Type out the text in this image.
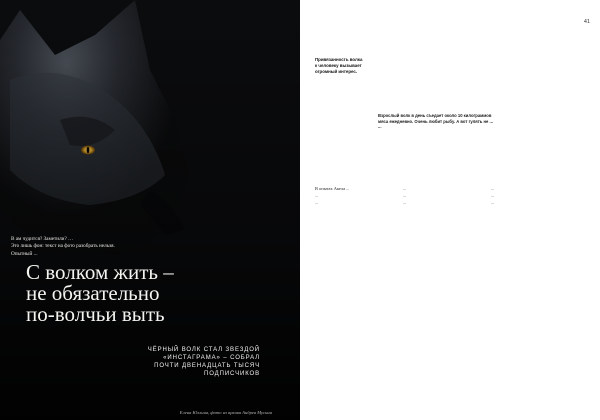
В ам чудится? Заметили? …

Это лишь фон: текст на фото разобрать нельзя.

Опытный ...

С волком жить –
не обязательно
по-волчьи выть
ЧЁРНЫЙ ВОЛК СТАЛ ЗВЕЗДОЙ
«ИНСТАГРАМА» – СОБРАЛ
ПОЧТИ ДВЕНАДЦАТЬ ТЫСЯЧ
ПОДПИСЧИКОВ
Елена Юхлина, фото из архива Андрея Мусина
41
Привязанность волка
к человеку вызывает
огромный интерес.
Взрослый волк в день съедает около 10 килограммов
мяса ежедневно. Очень любит рыбу. А вот гулять не ...
...

В опытах Акела ...

...

...

...

...

...

...

...

...
